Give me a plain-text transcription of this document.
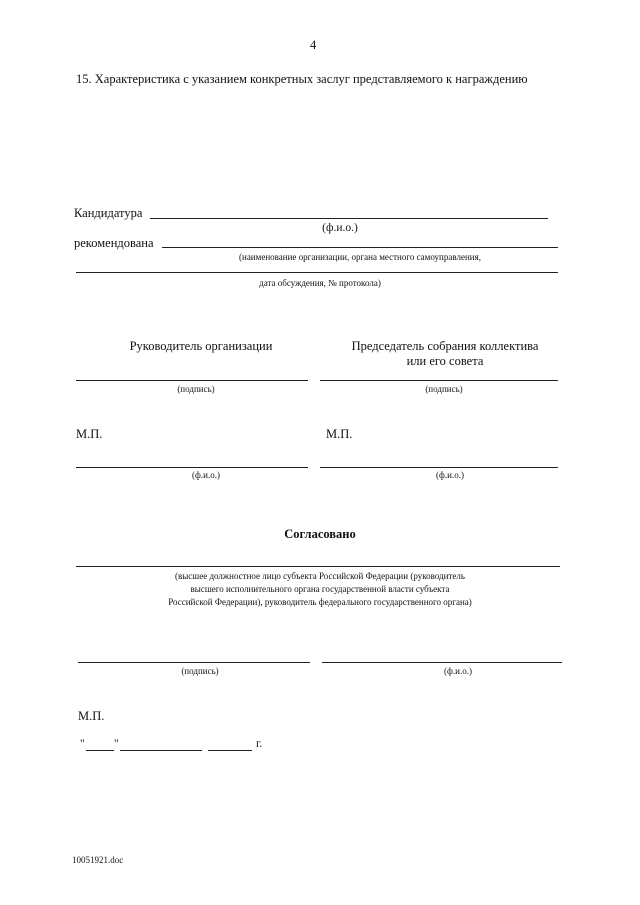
4
15. Характеристика с указанием конкретных заслуг представляемого к награждению
Кандидатура
(ф.и.о.)
рекомендована
(наименование организации, органа местного самоуправления,
дата обсуждения, № протокола)
Руководитель организации	Председатель собрания коллектива
или его совета
(подпись)	(подпись)
М.П.	М.П.
(ф.и.о.)	(ф.и.о.)
Согласовано
(высшее должностное лицо субъекта Российской Федерации (руководитель
высшего исполнительного органа государственной власти субъекта
Российской Федерации), руководитель федерального государственного органа)
(подпись)	(ф.и.о.)
М.П.
"	"	г.
10051921.doc
